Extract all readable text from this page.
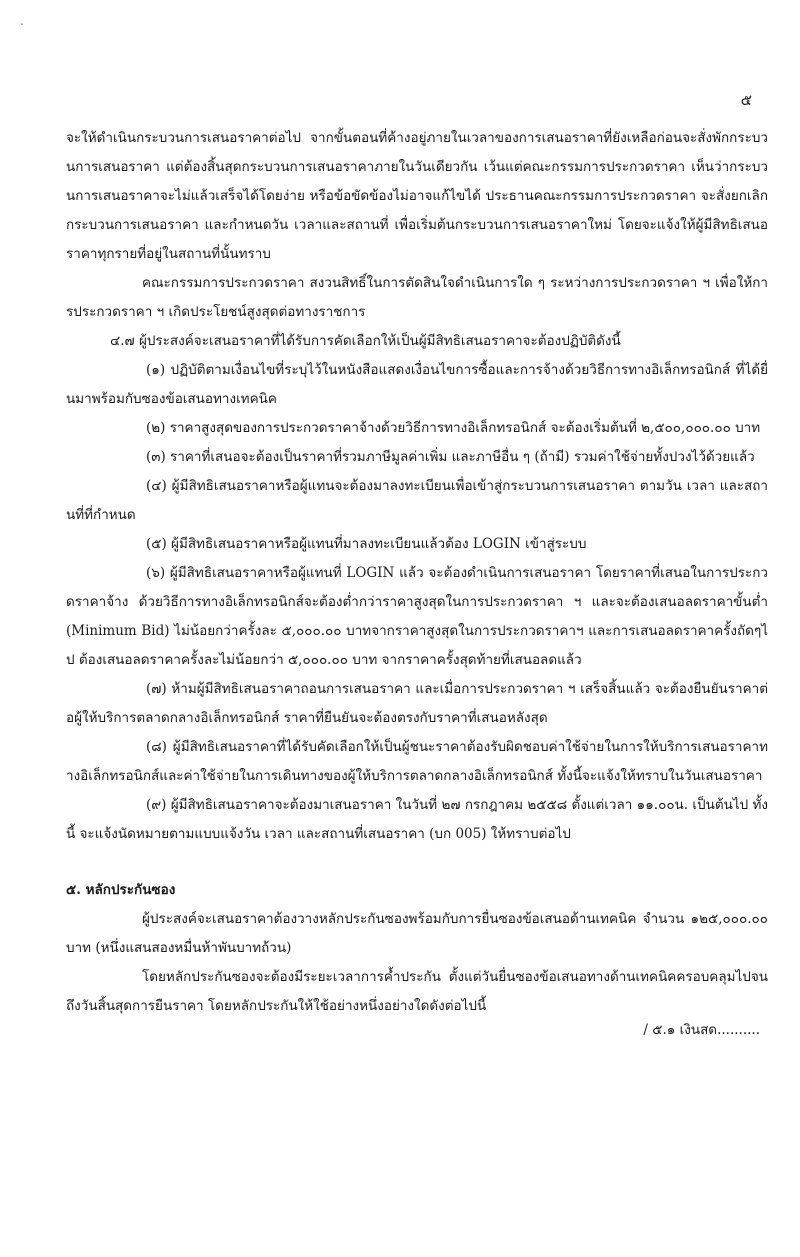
.
๕

จะให้ดำเนินกระบวนการเสนอราคาต่อไป จากขั้นตอนที่ค้างอยู่ภายในเวลาของการเสนอราคาที่ยังเหลือก่อนจะสั่งพักกระบวนการเสนอราคา แต่ต้องสิ้นสุดกระบวนการเสนอราคาภายในวันเดียวกัน เว้นแต่คณะกรรมการประกวดราคา เห็นว่ากระบวนการเสนอราคาจะไม่แล้วเสร็จได้โดยง่าย หรือข้อขัดข้องไม่อาจแก้ไขได้ ประธานคณะกรรมการประกวดราคา จะสั่งยกเลิกกระบวนการเสนอราคา และกำหนดวัน เวลาและสถานที่ เพื่อเริ่มต้นกระบวนการเสนอราคาใหม่ โดยจะแจ้งให้ผู้มีสิทธิเสนอราคาทุกรายที่อยู่ในสถานที่นั้นทราบ

คณะกรรมการประกวดราคา สงวนสิทธิ์ในการตัดสินใจดำเนินการใด ๆ ระหว่างการประกวดราคา ฯ เพื่อให้การประกวดราคา ฯ เกิดประโยชน์สูงสุดต่อทางราชการ

๔.๗ ผู้ประสงค์จะเสนอราคาที่ได้รับการคัดเลือกให้เป็นผู้มีสิทธิเสนอราคาจะต้องปฏิบัติดังนี้

(๑) ปฏิบัติตามเงื่อนไขที่ระบุไว้ในหนังสือแสดงเงื่อนไขการซื้อและการจ้างด้วยวิธีการทางอิเล็กทรอนิกส์ ที่ได้ยื่นมาพร้อมกับซองข้อเสนอทางเทคนิค

(๒) ราคาสูงสุดของการประกวดราคาจ้างด้วยวิธีการทางอิเล็กทรอนิกส์ จะต้องเริ่มต้นที่ ๒,๕๐๐,๐๐๐.๐๐ บาท

(๓) ราคาที่เสนอจะต้องเป็นราคาที่รวมภาษีมูลค่าเพิ่ม และภาษีอื่น ๆ (ถ้ามี) รวมค่าใช้จ่ายทั้งปวงไว้ด้วยแล้ว

(๔) ผู้มีสิทธิเสนอราคาหรือผู้แทนจะต้องมาลงทะเบียนเพื่อเข้าสู่กระบวนการเสนอราคา ตามวัน เวลา และสถานที่ที่กำหนด

(๕) ผู้มีสิทธิเสนอราคาหรือผู้แทนที่มาลงทะเบียนแล้วต้อง LOGIN เข้าสู่ระบบ

(๖) ผู้มีสิทธิเสนอราคาหรือผู้แทนที่ LOGIN แล้ว จะต้องดำเนินการเสนอราคา โดยราคาที่เสนอในการประกวดราคาจ้าง ด้วยวิธีการทางอิเล็กทรอนิกส์จะต้องต่ำกว่าราคาสูงสุดในการประกวดราคา ฯ และจะต้องเสนอลดราคาขั้นต่ำ (Minimum Bid) ไม่น้อยกว่าครั้งละ ๕,๐๐๐.๐๐ บาทจากราคาสูงสุดในการประกวดราคาฯ และการเสนอลดราคาครั้งถัดๆไป ต้องเสนอลดราคาครั้งละไม่น้อยกว่า ๕,๐๐๐.๐๐ บาท จากราคาครั้งสุดท้ายที่เสนอลดแล้ว

(๗) ห้ามผู้มีสิทธิเสนอราคาถอนการเสนอราคา และเมื่อการประกวดราคา ฯ เสร็จสิ้นแล้ว จะต้องยืนยันราคาต่อผู้ให้บริการตลาดกลางอิเล็กทรอนิกส์ ราคาที่ยืนยันจะต้องตรงกับราคาที่เสนอหลังสุด

(๘) ผู้มีสิทธิเสนอราคาที่ได้รับคัดเลือกให้เป็นผู้ชนะราคาต้องรับผิดชอบค่าใช้จ่ายในการให้บริการเสนอราคาทางอิเล็กทรอนิกส์และค่าใช้จ่ายในการเดินทางของผู้ให้บริการตลาดกลางอิเล็กทรอนิกส์ ทั้งนี้จะแจ้งให้ทราบในวันเสนอราคา

(๙) ผู้มีสิทธิเสนอราคาจะต้องมาเสนอราคา ในวันที่ ๒๗ กรกฎาคม ๒๕๕๘ ตั้งแต่เวลา ๑๑.๐๐น. เป็นต้นไป ทั้งนี้ จะแจ้งนัดหมายตามแบบแจ้งวัน เวลา และสถานที่เสนอราคา (บก 005) ให้ทราบต่อไป

๕. หลักประกันซอง

ผู้ประสงค์จะเสนอราคาต้องวางหลักประกันซองพร้อมกับการยื่นซองข้อเสนอด้านเทคนิค จำนวน ๑๒๕,๐๐๐.๐๐ บาท (หนึ่งแสนสองหมื่นห้าพันบาทถ้วน)

โดยหลักประกันซองจะต้องมีระยะเวลาการค้ำประกัน ตั้งแต่วันยื่นซองข้อเสนอทางด้านเทคนิคครอบคลุมไปจนถึงวันสิ้นสุดการยืนราคา โดยหลักประกันให้ใช้อย่างหนึ่งอย่างใดดังต่อไปนี้

/ ๕.๑ เงินสด..........
